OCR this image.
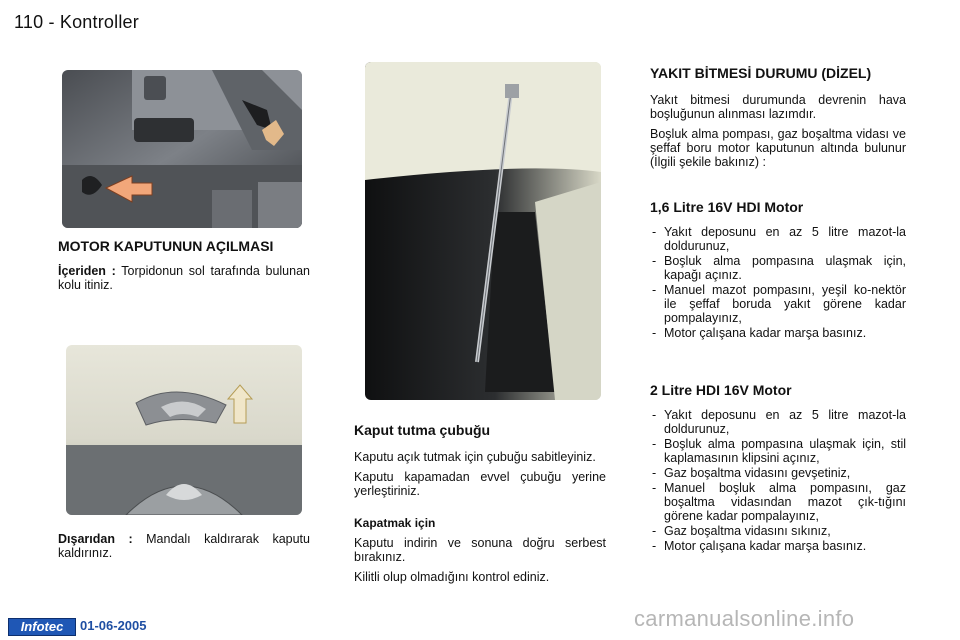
110 - Kontroller
MOTOR KAPUTUNUN AÇILMASI

İçeriden : Torpidonun sol tarafında bulunan kolu itiniz.

Dışarıdan : Mandalı kaldırarak kaputu kaldırınız.

Kaput tutma çubuğu

Kaputu açık tutmak için çubuğu sabitleyiniz.

Kaputu kapamadan evvel çubuğu yerine yerleştiriniz.

Kapatmak için

Kaputu indirin ve sonuna doğru serbest bırakınız.

Kilitli olup olmadığını kontrol ediniz.

YAKIT BİTMESİ DURUMU (DİZEL)

Yakıt bitmesi durumunda devrenin hava boşluğunun alınması lazımdır.

Boşluk alma pompası, gaz boşaltma vidası ve şeffaf boru motor kaputunun altında bulunur (İlgili şekile bakınız) :

1,6 Litre 16V HDI Motor
- Yakıt deposunu en az 5 litre mazot-la doldurunuz,
- Boşluk alma pompasına ulaşmak için, kapağı açınız.
- Manuel mazot pompasını, yeşil ko-nektör ile şeffaf boruda yakıt görene kadar pompalayınız,
- Motor çalışana kadar marşa basınız.
2 Litre HDI 16V Motor
- Yakıt deposunu en az 5 litre mazot-la doldurunuz,
- Boşluk alma pompasına ulaşmak için, stil kaplamasının klipsini açınız,
- Gaz boşaltma vidasını gevşetiniz,
- Manuel boşluk alma pompasını, gaz boşaltma vidasından mazot çık-tığını görene kadar pompalayınız,
- Gaz boşaltma vidasını sıkınız,
- Motor çalışana kadar marşa basınız.
Infotec	01-06-2005	carmanualsonline.info
